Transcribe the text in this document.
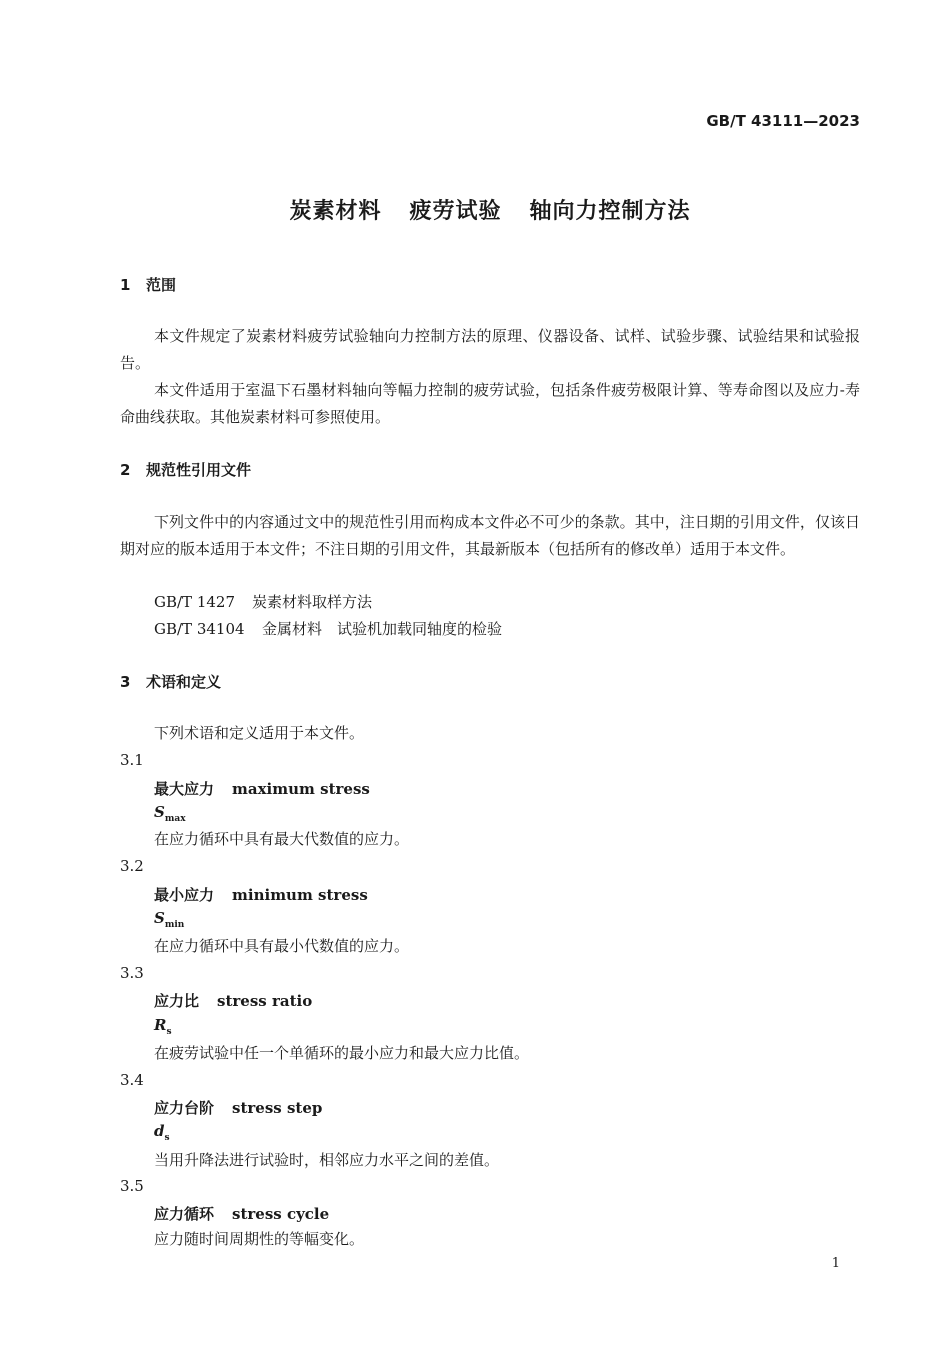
GB/T 43111—2023
炭素材料 疲劳试验 轴向力控制方法
1 范围
本文件规定了炭素材料疲劳试验轴向力控制方法的原理、仪器设备、试样、试验步骤、试验结果和试验报告。
本文件适用于室温下石墨材料轴向等幅力控制的疲劳试验，包括条件疲劳极限计算、等寿命图以及应力-寿命曲线获取。其他炭素材料可参照使用。
2 规范性引用文件
下列文件中的内容通过文中的规范性引用而构成本文件必不可少的条款。其中，注日期的引用文件，仅该日期对应的版本适用于本文件；不注日期的引用文件，其最新版本（包括所有的修改单）适用于本文件。
GB/T 1427 炭素材料取样方法
GB/T 34104 金属材料　试验机加载同轴度的检验
3 术语和定义
下列术语和定义适用于本文件。
3.1
最大应力 maximum stress
$S_{max}$
在应力循环中具有最大代数值的应力。
3.2
最小应力 minimum stress
$S_{min}$
在应力循环中具有最小代数值的应力。
3.3
应力比 stress ratio
$R_s$
在疲劳试验中任一个单循环的最小应力和最大应力比值。
3.4
应力台阶 stress step
$d_s$
当用升降法进行试验时，相邻应力水平之间的差值。
3.5
应力循环 stress cycle
应力随时间周期性的等幅变化。
1
